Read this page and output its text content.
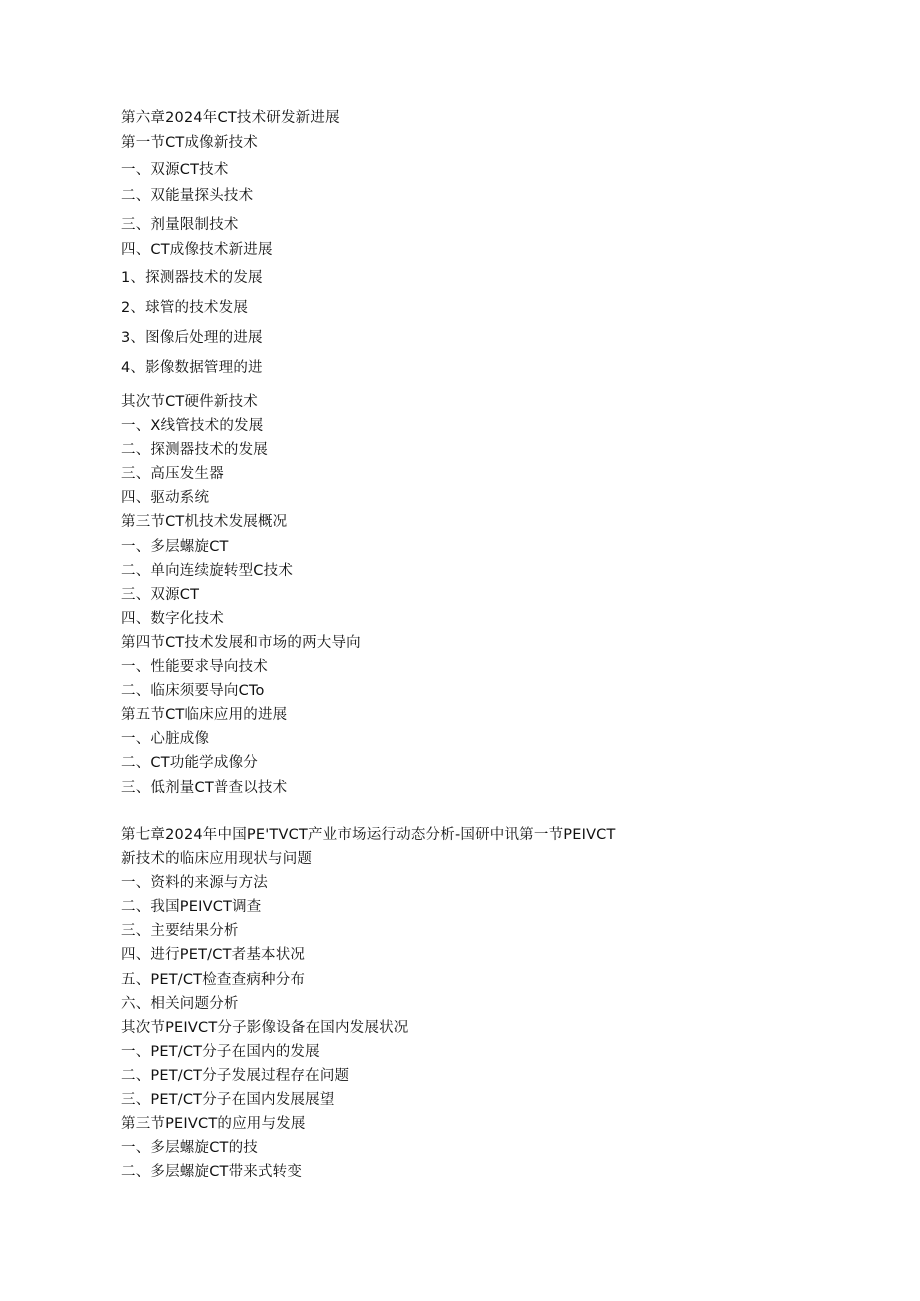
第六章2024年CT技术研发新进展
第一节CT成像新技术
一、双源CT技术
二、双能量探头技术
三、剂量限制技术
四、CT成像技术新进展
1、探测器技术的发展
2、球管的技术发展
3、图像后处理的进展
4、影像数据管理的进
其次节CT硬件新技术
一、X线管技术的发展
二、探测器技术的发展
三、高压发生器
四、驱动系统
第三节CT机技术发展概况
一、多层螺旋CT
二、单向连续旋转型C技术
三、双源CT
四、数字化技术
第四节CT技术发展和市场的两大导向
一、性能要求导向技术
二、临床须要导向CTo
第五节CT临床应用的进展
一、心脏成像
二、CT功能学成像分
三、低剂量CT普查以技术
第七章2024年中国PE'TVCT产业市场运行动态分析-国研中讯第一节PEIVCT
新技术的临床应用现状与问题
一、资料的来源与方法
二、我国PEIVCT调查
三、主要结果分析
四、进行PET/CT者基本状况
五、PET/CT检查查病种分布
六、相关问题分析
其次节PEIVCT分子影像设备在国内发展状况
一、PET/CT分子在国内的发展
二、PET/CT分子发展过程存在问题
三、PET/CT分子在国内发展展望
第三节PEIVCT的应用与发展
一、多层螺旋CT的技
二、多层螺旋CT带来式转变
